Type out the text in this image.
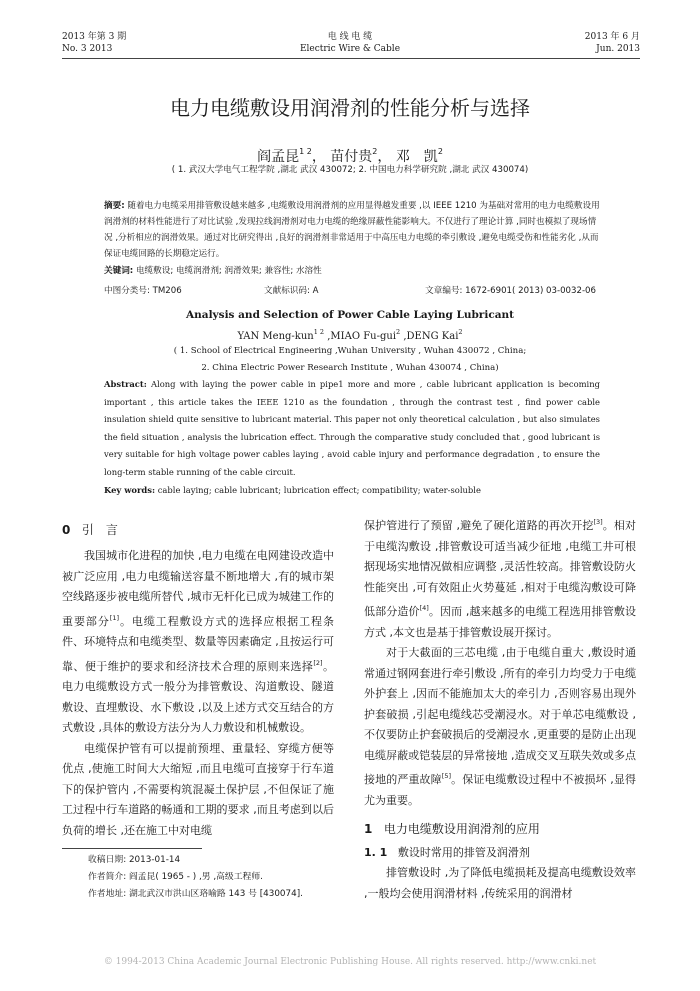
2013 年第 3 期
No. 3 2013
电 线 电 缆
Electric Wire & Cable
2013 年 6 月
Jun. 2013
电力电缆敷设用润滑剂的性能分析与选择
阎孟昆$^{1 2}$， 苗付贵$^2$， 邓　凯$^2$
( 1. 武汉大学电气工程学院 ,湖北 武汉 430072; 2. 中国电力科学研究院 ,湖北 武汉 430074)
摘要: 随着电力电缆采用排管敷设越来越多 ,电缆敷设用润滑剂的应用显得越发重要 ,以 IEEE 1210 为基础对常用的电力电缆敷设用润滑剂的材料性能进行了对比试验 ,发现拉线润滑剂对电力电缆的绝缘屏蔽性能影响大。不仅进行了理论计算 ,同时也模拟了现场情况 ,分析相应的润滑效果。通过对比研究得出 ,良好的润滑剂非常适用于中高压电力电缆的牵引敷设 ,避免电缆受伤和性能劣化 ,从而保证电缆回路的长期稳定运行。
关键词: 电缆敷设; 电缆润滑剂; 润滑效果; 兼容性; 水溶性
中图分类号: TM206	文献标识码: A	文章编号: 1672-6901( 2013) 03-0032-06
Analysis and Selection of Power Cable Laying Lubricant
YAN Meng-kun$^{1 2}$ ,MIAO Fu-gui$^2$ ,DENG Kai$^2$
( 1. School of Electrical Engineering ,Wuhan University , Wuhan 430072 , China;
2. China Electric Power Research Institute , Wuhan 430074 , China)
Abstract: Along with laying the power cable in pipe1 more and more , cable lubricant application is becoming important , this article takes the IEEE 1210 as the foundation , through the contrast test , find power cable insulation shield quite sensitive to lubricant material. This paper not only theoretical calculation , but also simulates the field situation , analysis the lubrication effect. Through the comparative study concluded that , good lubricant is very suitable for high voltage power cables laying , avoid cable injury and performance degradation , to ensure the long-term stable running of the cable circuit.
Key words: cable laying; cable lubricant; lubrication effect; compatibility; water-soluble

0 引　言

我国城市化进程的加快 ,电力电缆在电网建设改造中被广泛应用 ,电力电缆输送容量不断地增大 ,有的城市架空线路逐步被电缆所替代 ,城市无杆化已成为城建工作的重要部分[1]。电缆工程敷设方式的选择应根据工程条件、环境特点和电缆类型、数量等因素确定 ,且按运行可靠、便于维护的要求和经济技术合理的原则来选择[2]。电力电缆敷设方式一般分为排管敷设、沟道敷设、隧道敷设、直埋敷设、水下敷设 ,以及上述方式交互结合的方式敷设 ,具体的敷设方法分为人力敷设和机械敷设。

电缆保护管有可以提前预埋、重量轻、穿缆方便等优点 ,使施工时间大大缩短 ,而且电缆可直接穿于行车道下的保护管内 ,不需要构筑混凝土保护层 ,不但保证了施工过程中行车道路的畅通和工期的要求 ,而且考虑到以后负荷的增长 ,还在施工中对电缆

保护管进行了预留 ,避免了硬化道路的再次开挖[3]。相对于电缆沟敷设 ,排管敷设可适当减少征地 ,电缆工井可根据现场实地情况做相应调整 ,灵活性较高。排管敷设防火性能突出 ,可有效阻止火势蔓延 ,相对于电缆沟敷设可降低部分造价[4]。因而 ,越来越多的电缆工程选用排管敷设方式 ,本文也是基于排管敷设展开探讨。

对于大截面的三芯电缆 ,由于电缆自重大 ,敷设时通常通过钢网套进行牵引敷设 ,所有的牵引力均受力于电缆外护套上 ,因而不能施加太大的牵引力 ,否则容易出现外护套破损 ,引起电缆线芯受潮浸水。对于单芯电缆敷设 ,不仅要防止护套破损后的受潮浸水 ,更重要的是防止出现电缆屏蔽或铠装层的异常接地 ,造成交叉互联失效或多点接地的严重故障[5]。保证电缆敷设过程中不被损坏 ,显得尤为重要。

1 电力电缆敷设用润滑剂的应用

1. 1 敷设时常用的排管及润滑剂

排管敷设时 ,为了降低电缆损耗及提高电缆敷设效率 ,一般均会使用润滑材料 ,传统采用的润滑材

收稿日期: 2013-01-14
作者简介: 阎孟昆( 1965 - ) ,男 ,高级工程师.
作者地址: 湖北武汉市洪山区珞喻路 143 号 [430074].
© 1994-2013 China Academic Journal Electronic Publishing House. All rights reserved. http://www.cnki.net
